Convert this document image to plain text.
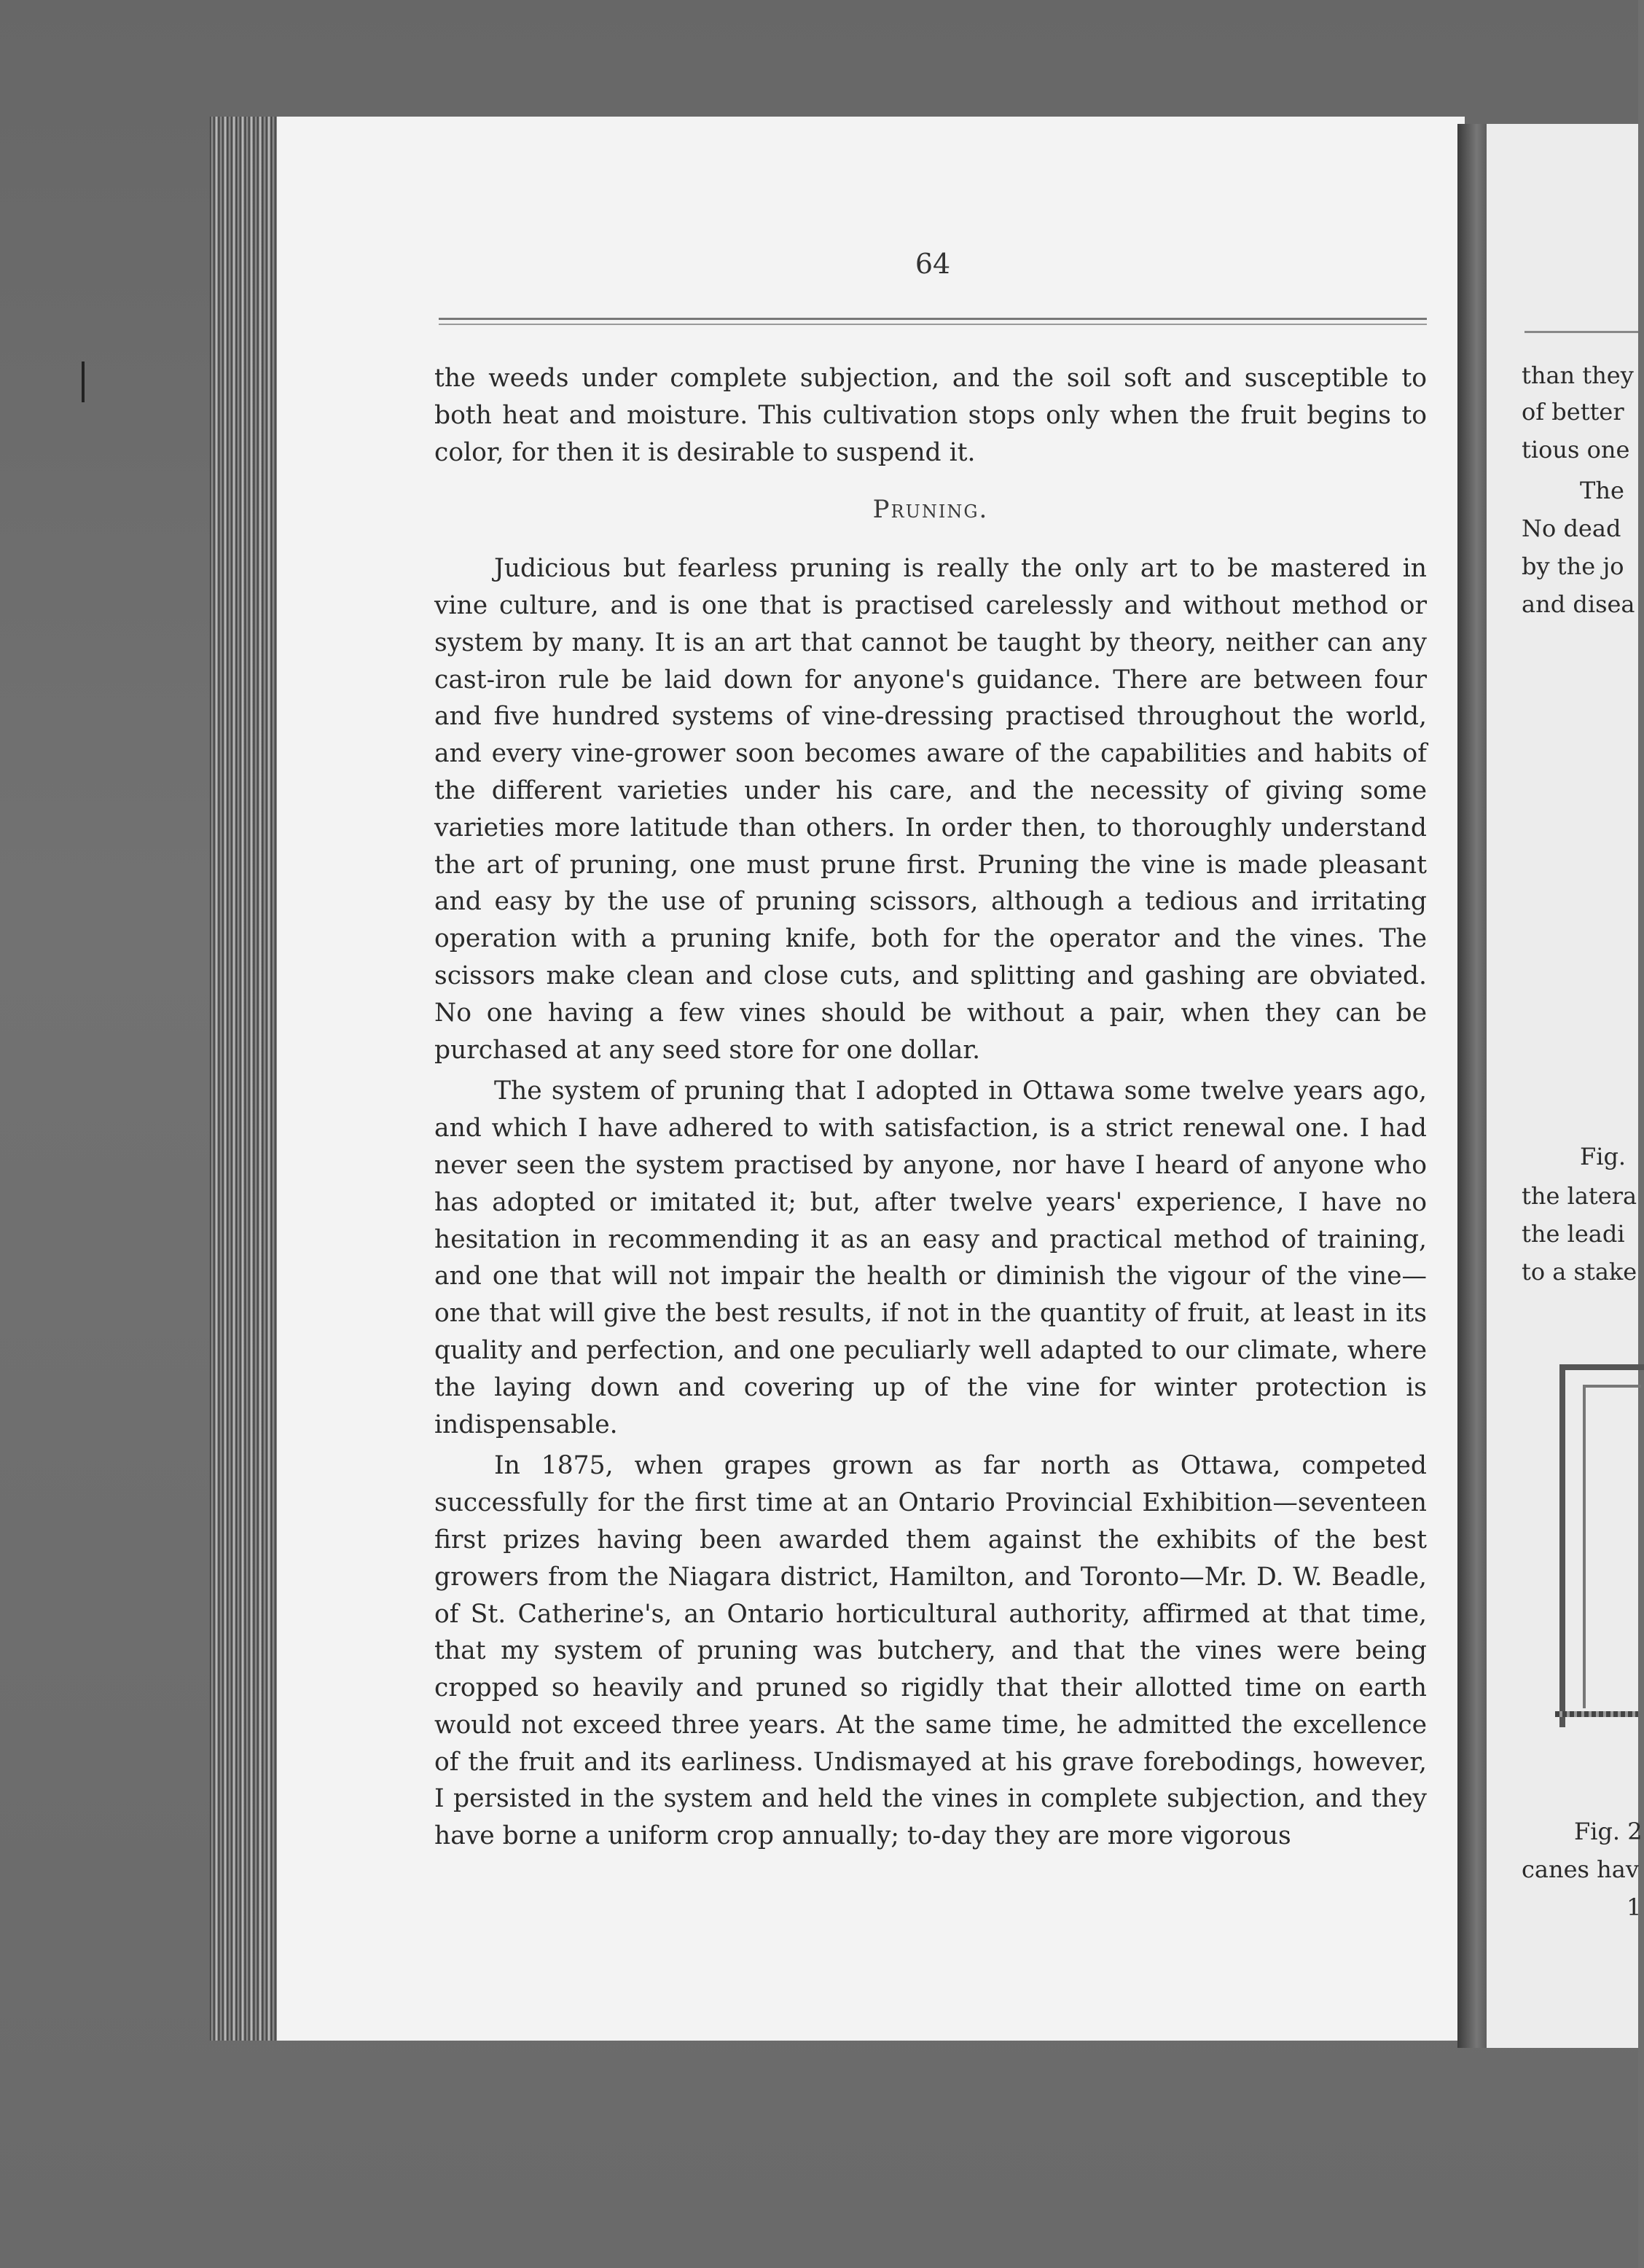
64

the weeds under complete subjection, and the soil soft and susceptible to both heat and moisture. This cultivation stops only when the fruit begins to color, for then it is desirable to suspend it.

Pruning.

Judicious but fearless pruning is really the only art to be mastered in vine culture, and is one that is practised carelessly and without method or system by many. It is an art that cannot be taught by theory, neither can any cast-iron rule be laid down for anyone's guidance. There are between four and five hundred systems of vine-dressing practised throughout the world, and every vine-grower soon becomes aware of the capabilities and habits of the different varieties under his care, and the necessity of giving some varieties more latitude than others. In order then, to thoroughly understand the art of pruning, one must prune first. Pruning the vine is made pleasant and easy by the use of pruning scissors, although a tedious and irritating operation with a pruning knife, both for the operator and the vines. The scissors make clean and close cuts, and splitting and gashing are obviated. No one having a few vines should be without a pair, when they can be purchased at any seed store for one dollar.

The system of pruning that I adopted in Ottawa some twelve years ago, and which I have adhered to with satisfaction, is a strict renewal one. I had never seen the system practised by anyone, nor have I heard of anyone who has adopted or imitated it; but, after twelve years' experience, I have no hesitation in recommending it as an easy and practical method of training, and one that will not impair the health or diminish the vigour of the vine—one that will give the best results, if not in the quantity of fruit, at least in its quality and perfection, and one peculiarly well adapted to our climate, where the laying down and covering up of the vine for winter protection is indispensable.

In 1875, when grapes grown as far north as Ottawa, competed successfully for the first time at an Ontario Provincial Exhibition—seventeen first prizes having been awarded them against the exhibits of the best growers from the Niagara district, Hamilton, and Toronto—Mr. D. W. Beadle, of St. Catherine's, an Ontario horticultural authority, affirmed at that time, that my system of pruning was butchery, and that the vines were being cropped so heavily and pruned so rigidly that their allotted time on earth would not exceed three years. At the same time, he admitted the excellence of the fruit and its earliness. Undismayed at his grave forebodings, however, I persisted in the system and held the vines in complete subjection, and they have borne a uniform crop annually; to-day they are more vigorous

than they
of better
tious one
The
No dead
by the jo
and disea
Fig.
the latera
the leadi
to a stake
Fig. 2
canes hav
1
